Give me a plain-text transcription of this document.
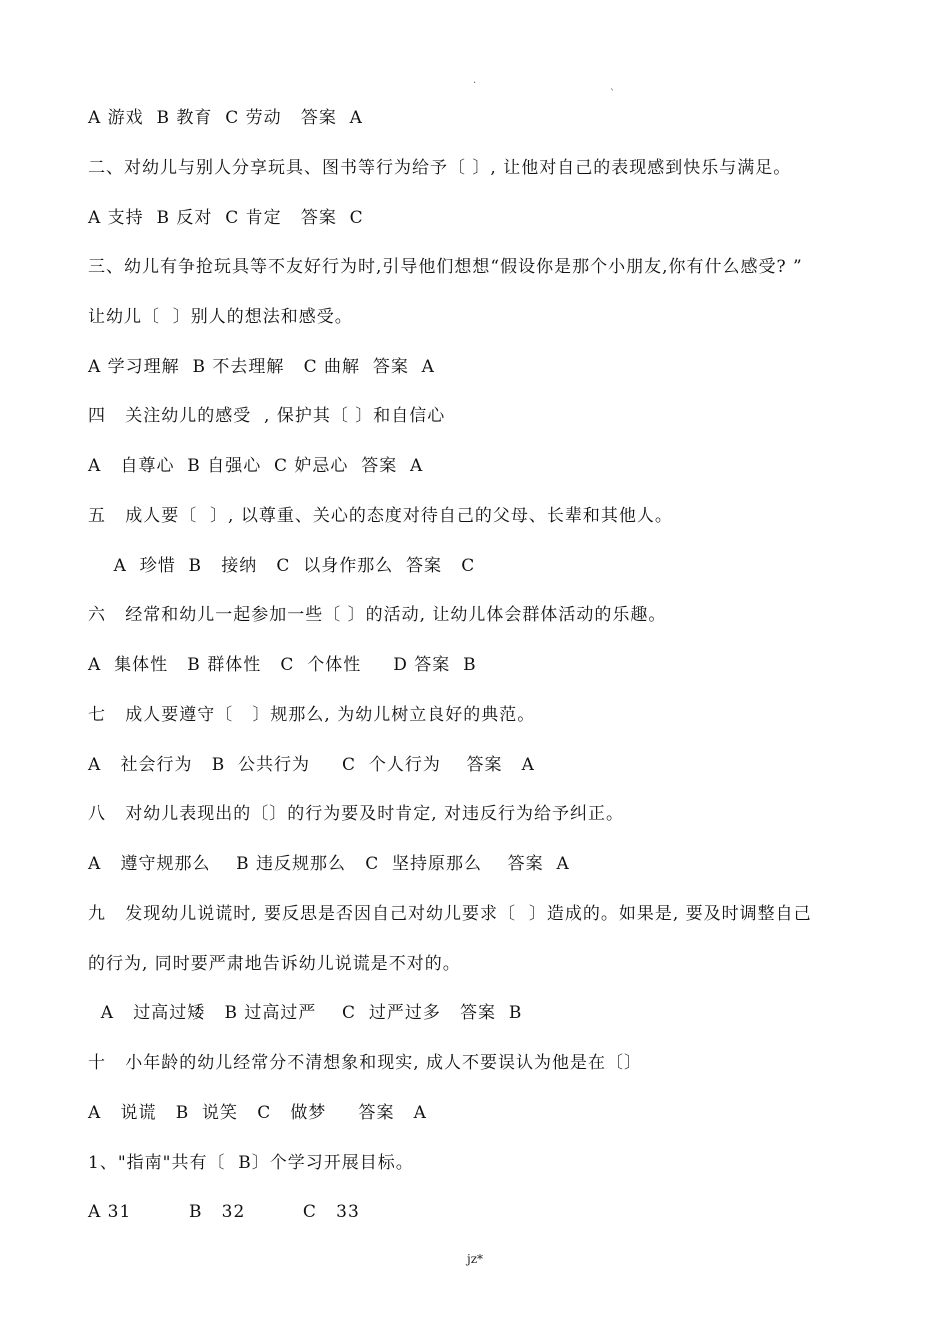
.
`
A 游戏  B 教育  C 劳动   答案  A
二、对幼儿与别人分享玩具、图书等行为给予〔 〕, 让他对自己的表现感到快乐与满足。
A 支持  B 反对  C 肯定   答案  C
三、幼儿有争抢玩具等不友好行为时,引导他们想想“假设你是那个小朋友,你有什么感受? ”
让幼儿〔  〕别人的想法和感受。
A 学习理解  B 不去理解   C 曲解  答案  A
四   关注幼儿的感受  , 保护其〔 〕和自信心
A   自尊心  B 自强心  C 妒忌心  答案  A
五   成人要〔  〕, 以尊重、关心的态度对待自己的父母、长辈和其他人。
A  珍惜  B   接纳   C  以身作那么  答案   C
六   经常和幼儿一起参加一些〔 〕的活动, 让幼儿体会群体活动的乐趣。
A  集体性   B 群体性   C  个体性     D 答案  B
七   成人要遵守〔   〕规那么, 为幼儿树立良好的典范。
A   社会行为   B  公共行为     C  个人行为    答案   A
八   对幼儿表现出的〔〕的行为要及时肯定, 对违反行为给予纠正。
A   遵守规那么    B 违反规那么   C  坚持原那么    答案  A
九   发现幼儿说谎时, 要反思是否因自己对幼儿要求〔  〕造成的。如果是, 要及时调整自己
的行为, 同时要严肃地告诉幼儿说谎是不对的。
A   过高过矮   B 过高过严    C  过严过多   答案  B
十   小年龄的幼儿经常分不清想象和现实, 成人不要误认为他是在〔〕
A   说谎   B  说笑   C   做梦     答案   A
1、"指南"共有〔  B〕个学习开展目标。
A 31         B   32         C   33
jz*
